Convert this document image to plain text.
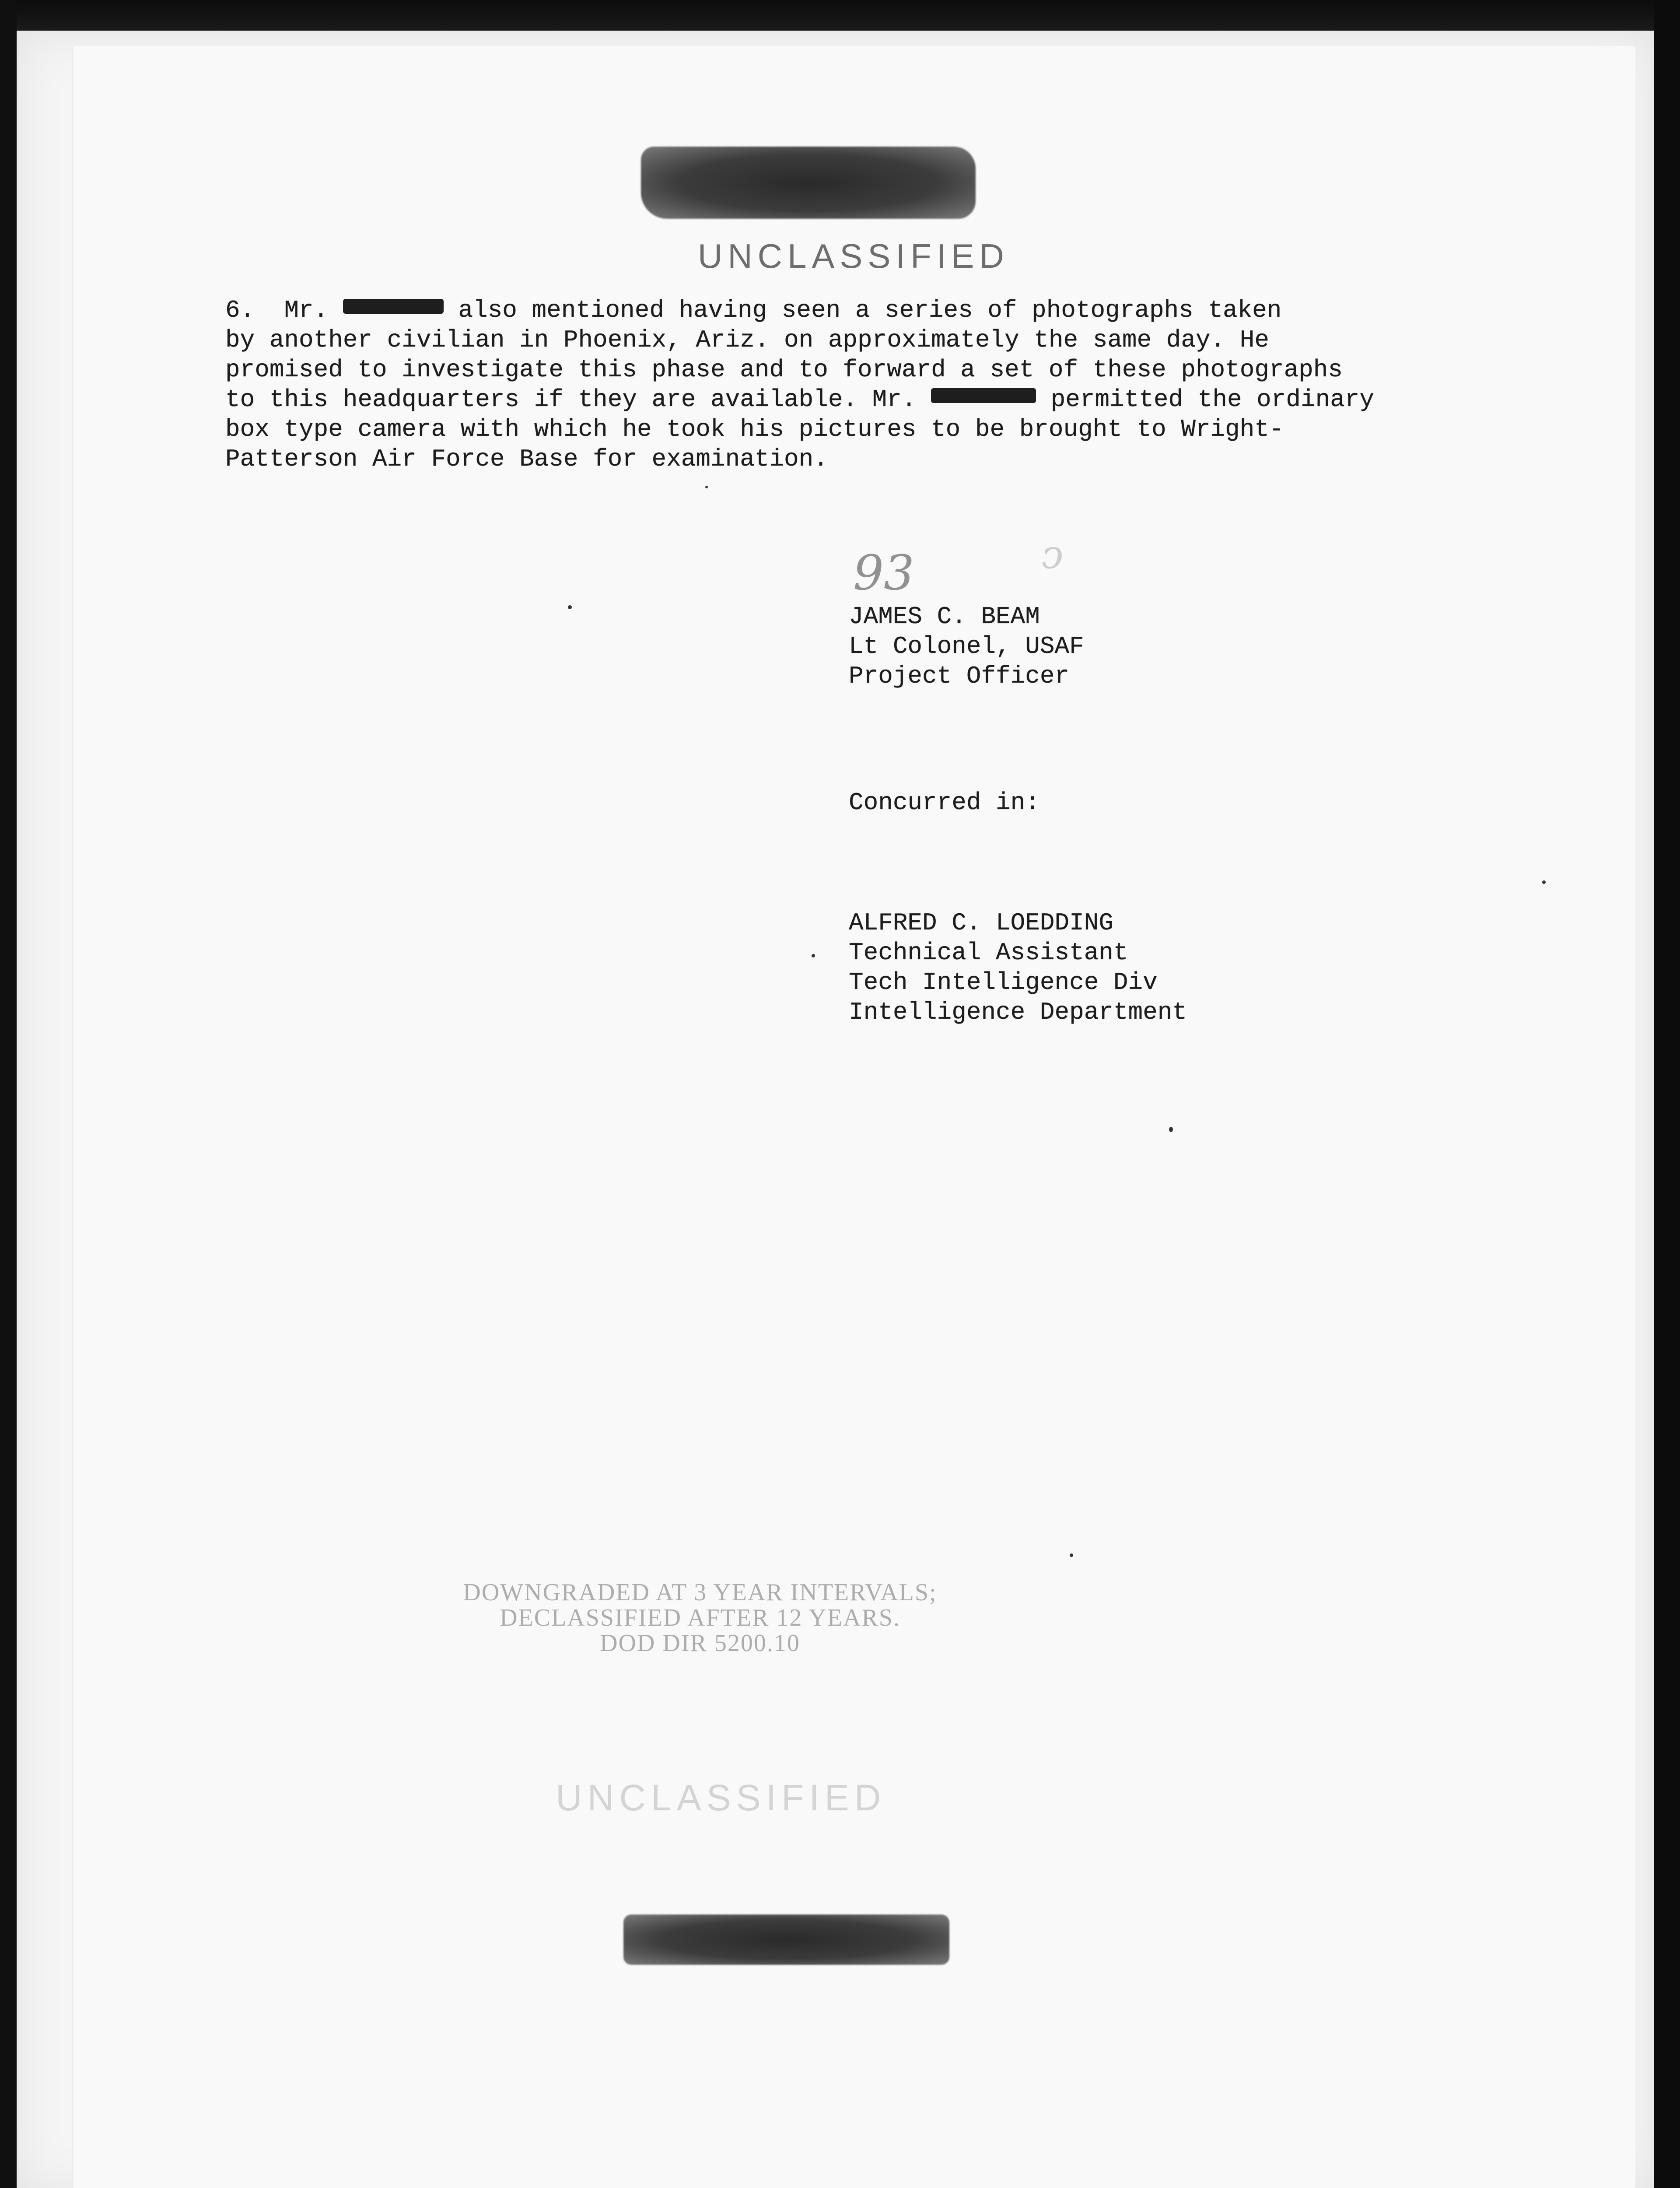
UNCLASSIFIED
6. Mr.	also mentioned having seen a series of photographs taken
by another civilian in Phoenix, Ariz. on approximately the same day. He
promised to investigate this phase and to forward a set of these photographs
to this headquarters if they are available. Mr.	permitted the ordinary
box type camera with which he took his pictures to be brought to Wright-
Patterson Air Force Base for examination.
93	ↄ
JAMES C. BEAM
Lt Colonel, USAF
Project Officer
Concurred in:
ALFRED C. LOEDDING
Technical Assistant
Tech Intelligence Div
Intelligence Department
DOWNGRADED AT 3 YEAR INTERVALS;
DECLASSIFIED AFTER 12 YEARS.
DOD DIR 5200.10
UNCLASSIFIED
